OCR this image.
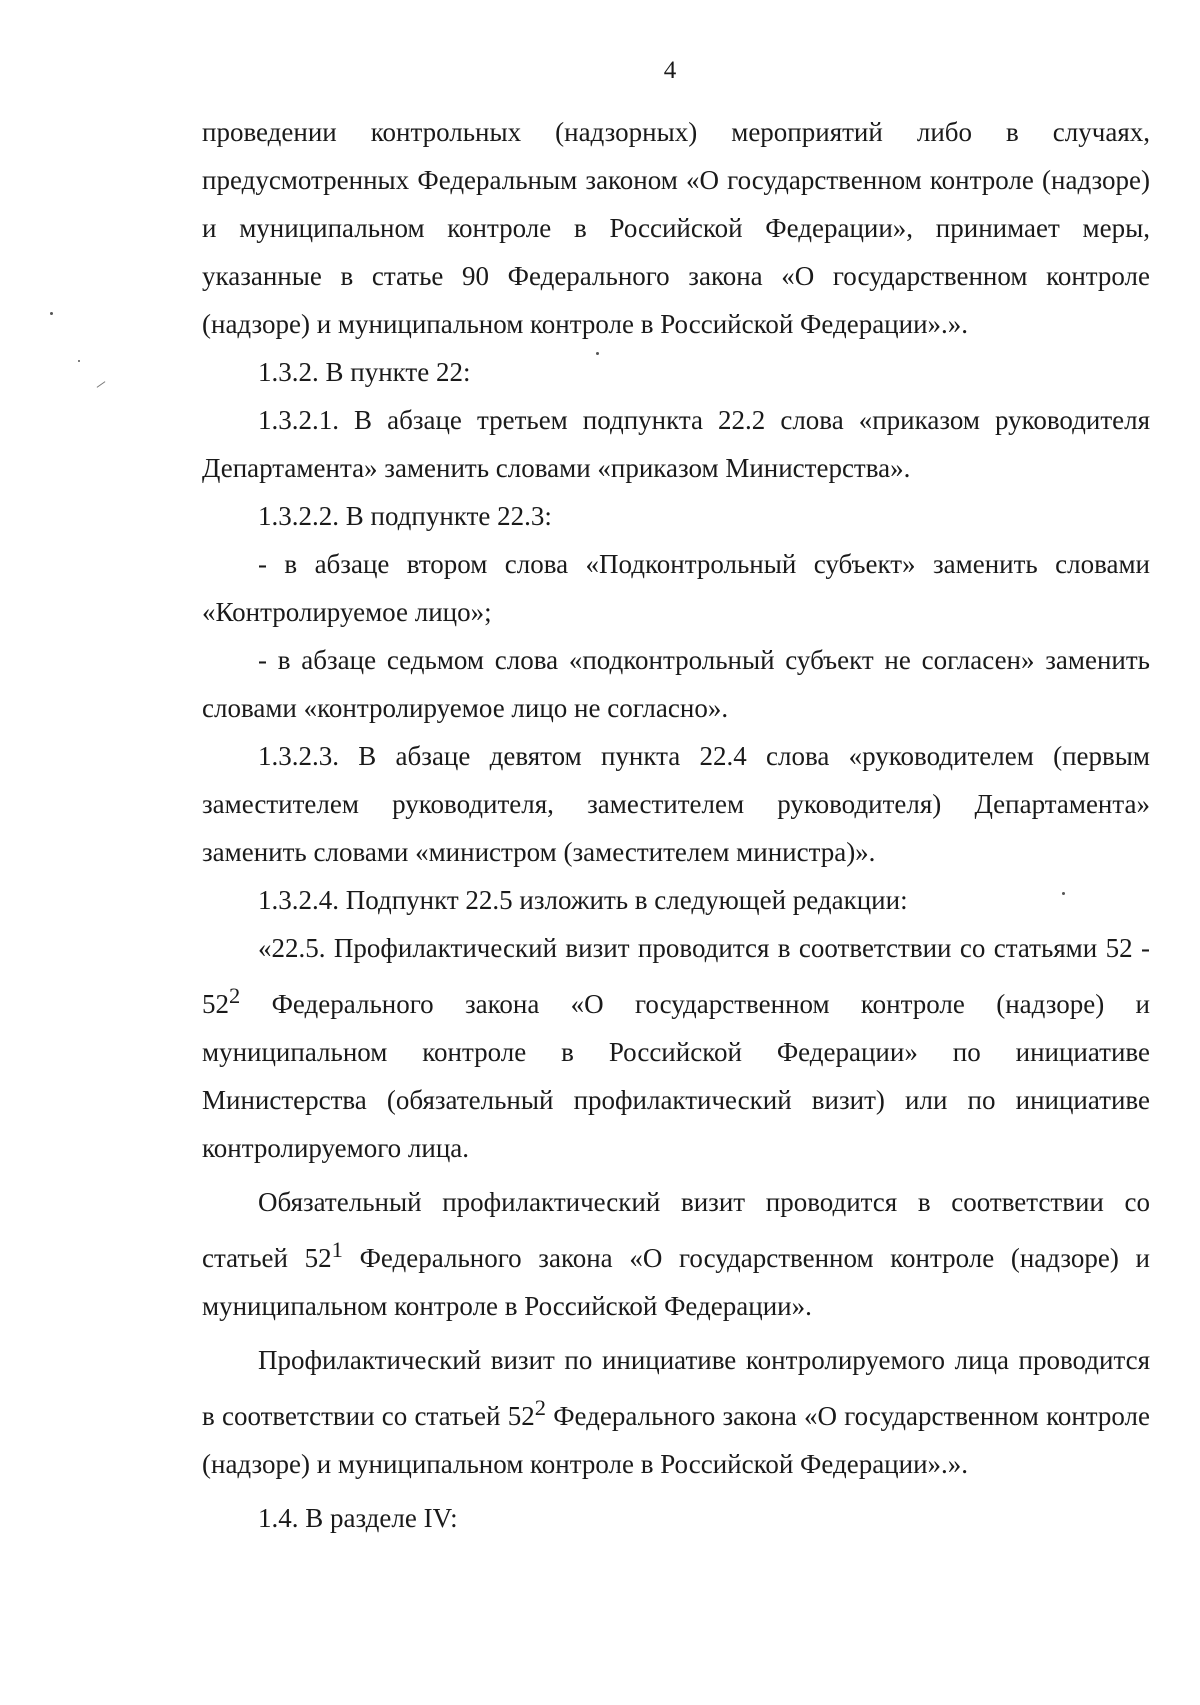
4

проведении контрольных (надзорных) мероприятий либо в случаях, предусмотренных Федеральным законом «О государственном контроле (надзоре) и муниципальном контроле в Российской Федерации», принимает меры, указанные в статье 90 Федерального закона «О государственном контроле (надзоре) и муниципальном контроле в Российской Федерации».».

1.3.2. В пункте 22:

1.3.2.1. В абзаце третьем подпункта 22.2 слова «приказом руководителя Департамента» заменить словами «приказом Министерства».

1.3.2.2. В подпункте 22.3:

- в абзаце втором слова «Подконтрольный субъект» заменить словами «Контролируемое лицо»;

- в абзаце седьмом слова «подконтрольный субъект не согласен» заменить словами «контролируемое лицо не согласно».

1.3.2.3. В абзаце девятом пункта 22.4 слова «руководителем (первым заместителем руководителя, заместителем руководителя) Департамента» заменить словами «министром (заместителем министра)».

1.3.2.4. Подпункт 22.5 изложить в следующей редакции:

«22.5. Профилактический визит проводится в соответствии со статьями $52 - 52^2$ Федерального закона «О государственном контроле (надзоре) и муниципальном контроле в Российской Федерации» по инициативе Министерства (обязательный профилактический визит) или по инициативе контролируемого лица.

Обязательный профилактический визит проводится в соответствии со статьей $52^1$ Федерального закона «О государственном контроле (надзоре) и муниципальном контроле в Российской Федерации».

Профилактический визит по инициативе контролируемого лица проводится в соответствии со статьей $52^2$ Федерального закона «О государственном контроле (надзоре) и муниципальном контроле в Российской Федерации».».

1.4. В разделе IV:
